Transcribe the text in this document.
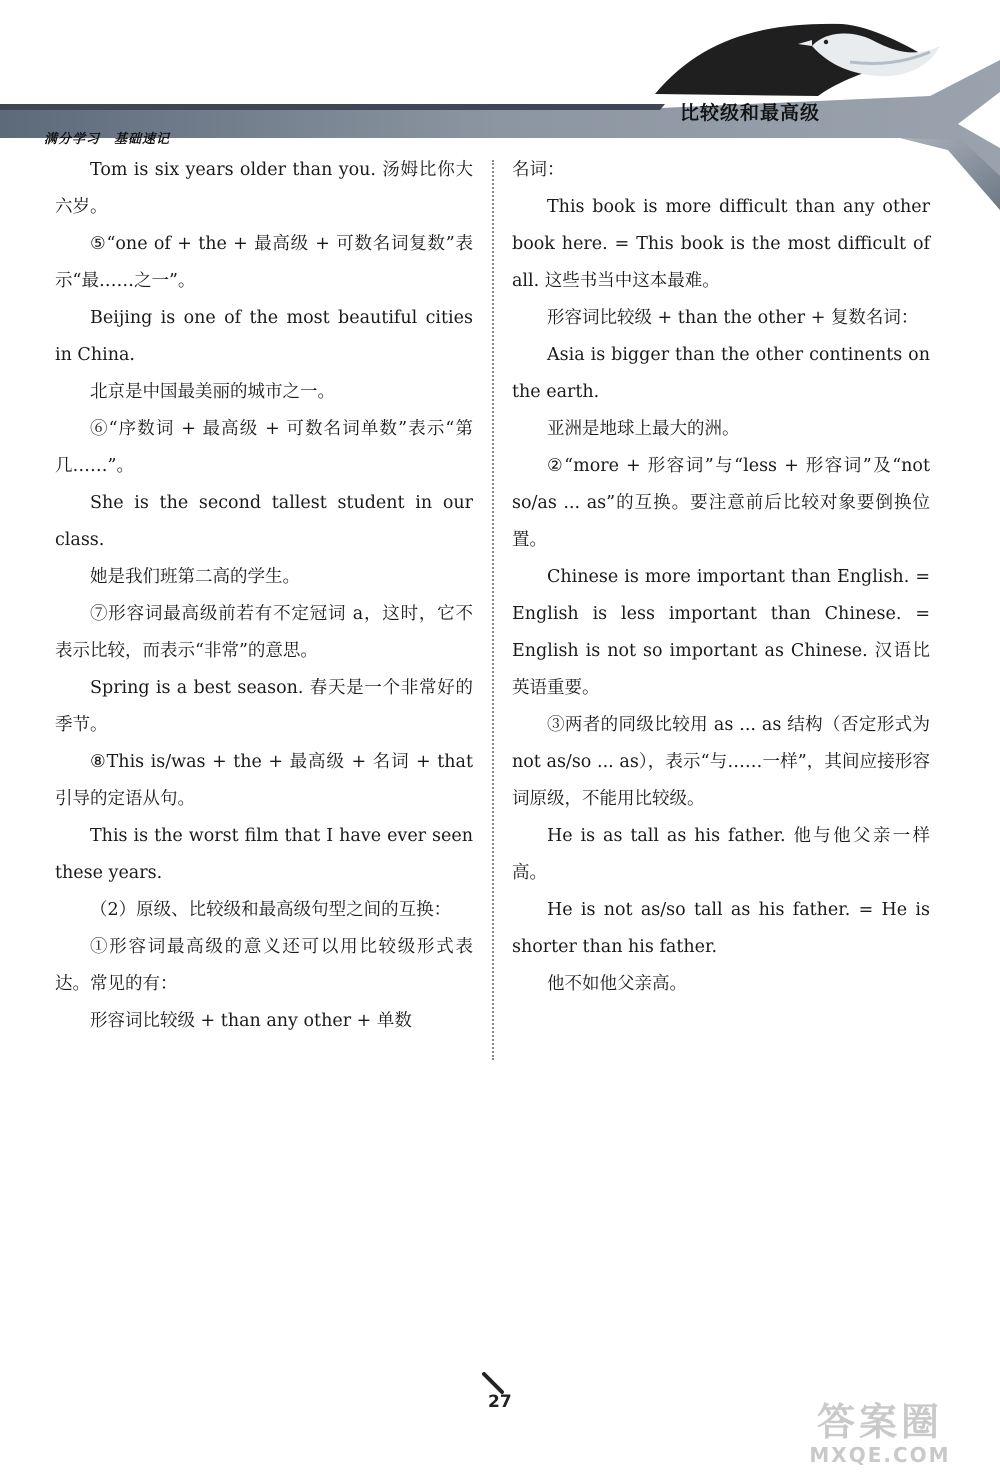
满分学习 基础速记
比较级和最高级

Tom is six years older than you. 汤姆比你大六岁。

⑤“one of + the + 最高级 + 可数名词复数”表示“最……之一”。

Beijing is one of the most beautiful cities in China.

北京是中国最美丽的城市之一。

⑥“序数词 + 最高级 + 可数名词单数”表示“第几……”。

She is the second tallest student in our class.

她是我们班第二高的学生。

⑦形容词最高级前若有不定冠词 a，这时，它不表示比较，而表示“非常”的意思。

Spring is a best season. 春天是一个非常好的季节。

⑧This is/was + the + 最高级 + 名词 + that 引导的定语从句。

This is the worst film that I have ever seen these years.

（2）原级、比较级和最高级句型之间的互换：

①形容词最高级的意义还可以用比较级形式表达。常见的有：

形容词比较级 + than any other + 单数

名词：

This book is more difficult than any other book here. = This book is the most difficult of all. 这些书当中这本最难。

形容词比较级 + than the other + 复数名词：

Asia is bigger than the other continents on the earth.

亚洲是地球上最大的洲。

②“more + 形容词”与“less + 形容词”及“not so/as ... as”的互换。要注意前后比较对象要倒换位置。

Chinese is more important than English. = English is less important than Chinese. = English is not so important as Chinese. 汉语比英语重要。

③两者的同级比较用 as ... as 结构（否定形式为 not as/so ... as），表示“与……一样”，其间应接形容词原级，不能用比较级。

He is as tall as his father. 他与他父亲一样高。

He is not as/so tall as his father. = He is shorter than his father.

他不如他父亲高。

27	答案圈
MXQE.COM
